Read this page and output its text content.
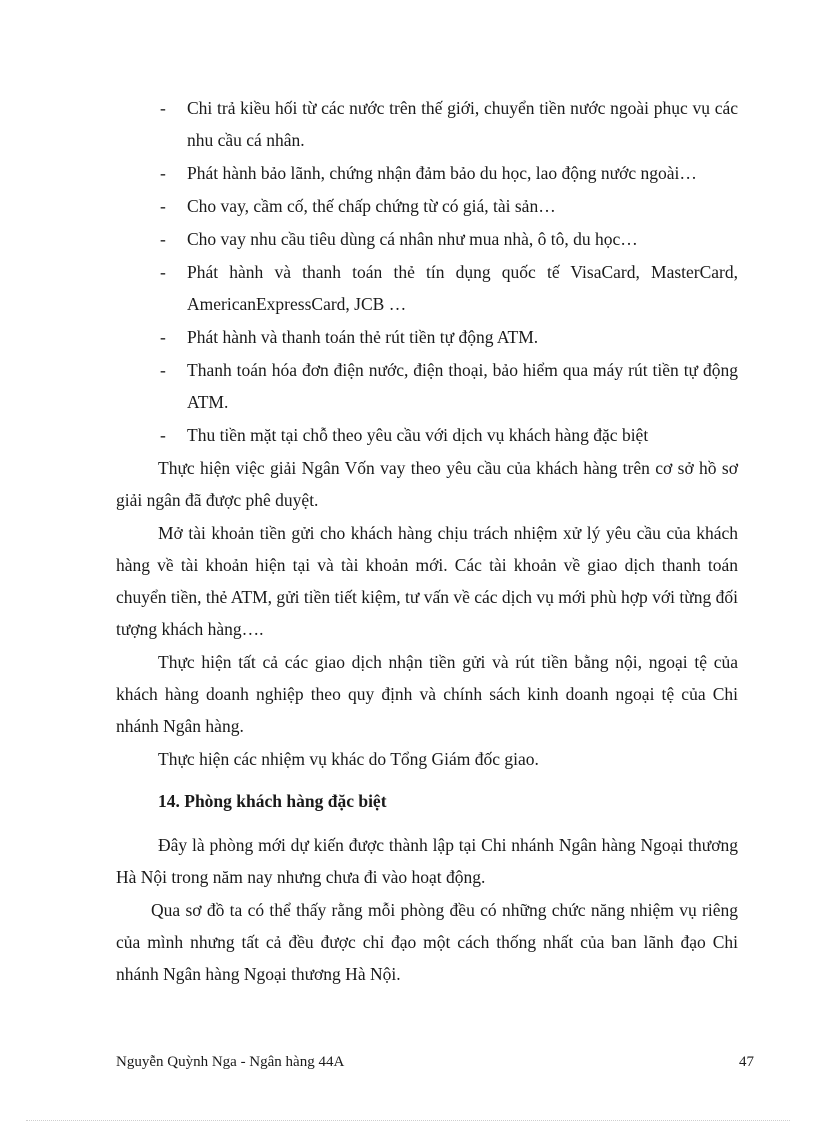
- Chi trả kiều hối từ các nước trên thế giới, chuyển tiền nước ngoài phục vụ các nhu cầu cá nhân.
- Phát hành bảo lãnh, chứng nhận đảm bảo du học, lao động nước ngoài…
- Cho vay, cầm cố, thế chấp chứng từ có giá, tài sản…
- Cho vay nhu cầu tiêu dùng cá nhân như mua nhà, ô tô, du học…
- Phát hành và thanh toán thẻ tín dụng quốc tế VisaCard, MasterCard, AmericanExpressCard, JCB …
- Phát hành và thanh toán thẻ rút tiền tự động ATM.
- Thanh toán hóa đơn điện nước, điện thoại, bảo hiểm qua máy rút tiền tự động ATM.
- Thu tiền mặt tại chỗ theo yêu cầu với dịch vụ khách hàng đặc biệt

Thực hiện việc giải Ngân Vốn vay theo yêu cầu của khách hàng trên cơ sở hồ sơ giải ngân đã được phê duyệt.

Mở tài khoản tiền gửi cho khách hàng chịu trách nhiệm xử lý yêu cầu của khách hàng về tài khoản hiện tại và tài khoản mới. Các tài khoản về giao dịch thanh toán chuyển tiền, thẻ ATM, gửi tiền tiết kiệm, tư vấn về các dịch vụ mới phù hợp với từng đối tượng khách hàng….

Thực hiện tất cả các giao dịch nhận tiền gửi và rút tiền bằng nội, ngoại tệ của khách hàng doanh nghiệp theo quy định và chính sách kinh doanh ngoại tệ của Chi nhánh Ngân hàng.

Thực hiện các nhiệm vụ khác do Tổng Giám đốc giao.

14. Phòng khách hàng đặc biệt

Đây là phòng mới dự kiến được thành lập tại Chi nhánh Ngân hàng Ngoại thương Hà Nội trong năm nay nhưng chưa đi vào hoạt động.

Qua sơ đồ ta có thể thấy rằng mỗi phòng đều có những chức năng nhiệm vụ riêng của mình nhưng tất cả đều được chỉ đạo một cách thống nhất của ban lãnh đạo Chi nhánh Ngân hàng Ngoại thương Hà Nội.

Nguyễn Quỳnh Nga - Ngân hàng 44A	47
